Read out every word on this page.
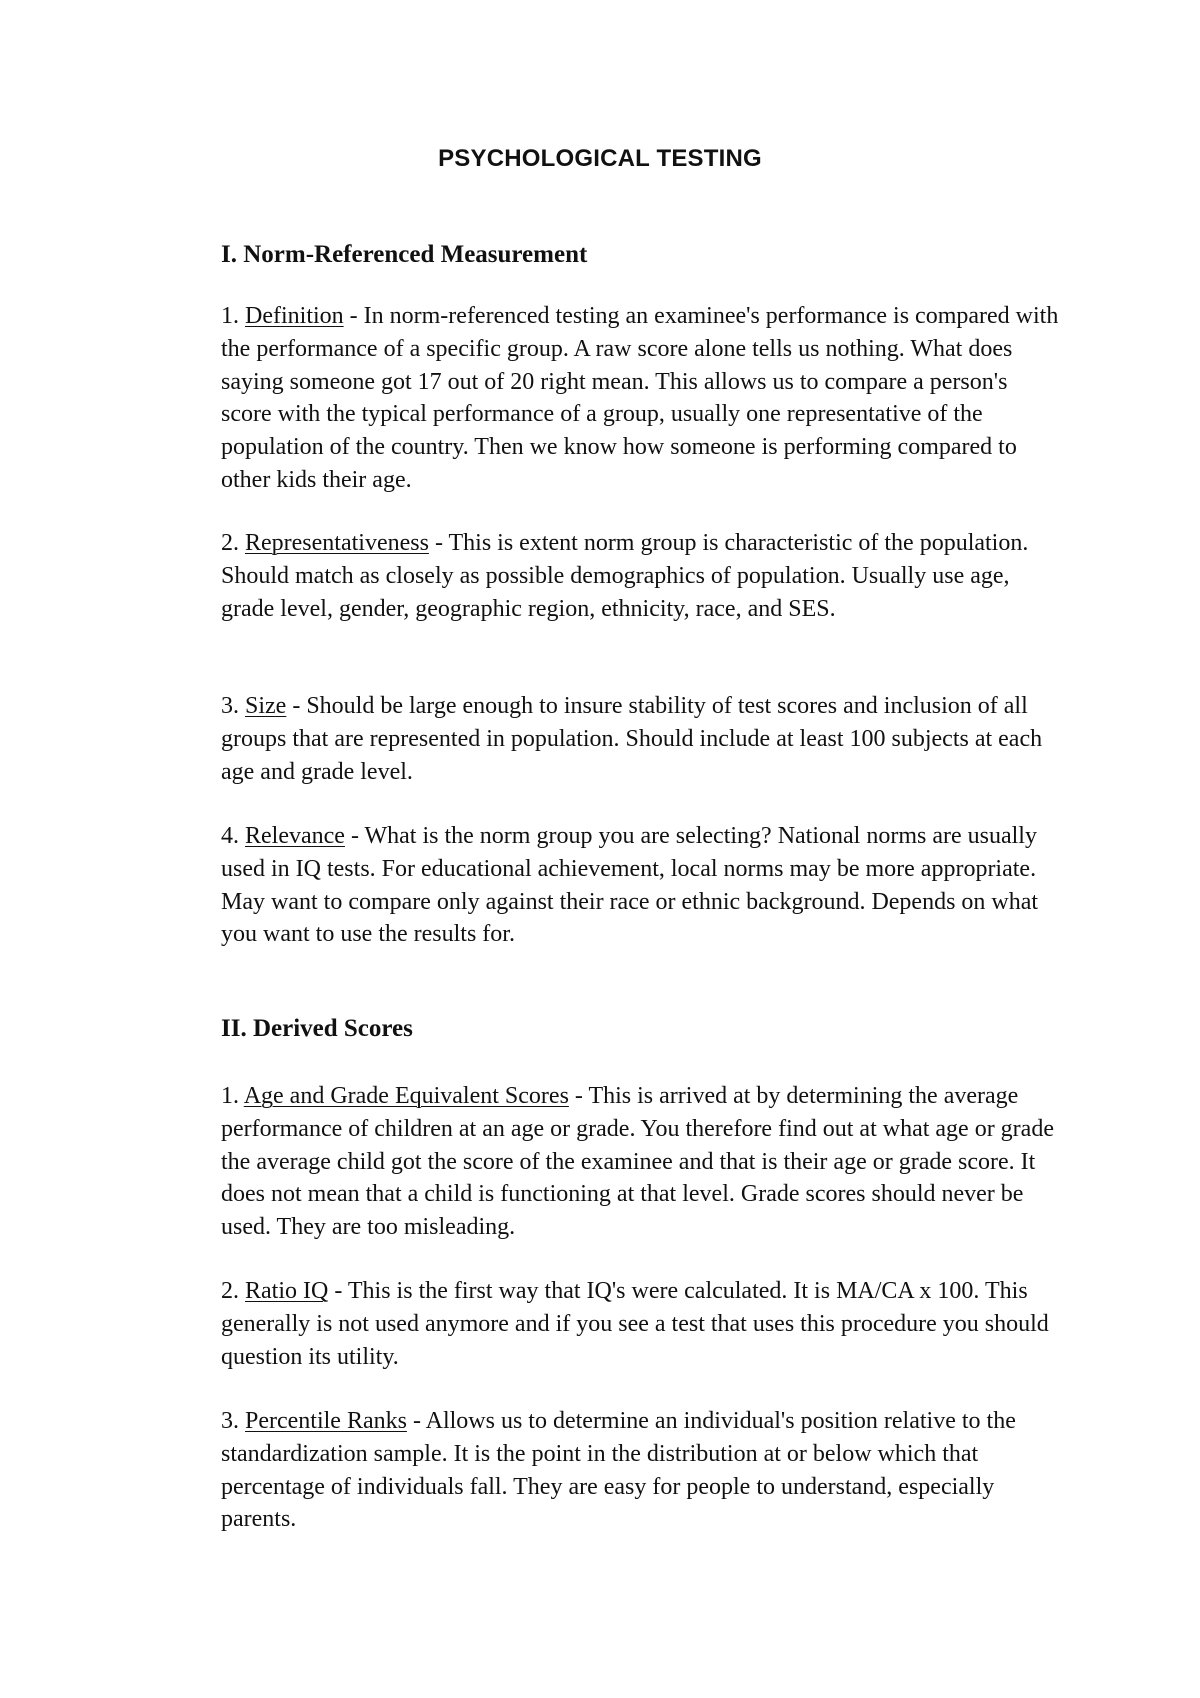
PSYCHOLOGICAL TESTING
I. Norm-Referenced Measurement

1. Definition - In norm-referenced testing an examinee's performance is compared with the performance of a specific group. A raw score alone tells us nothing. What does saying someone got 17 out of 20 right mean. This allows us to compare a person's score with the typical performance of a group, usually one representative of the population of the country. Then we know how someone is performing compared to other kids their age.

2. Representativeness - This is extent norm group is characteristic of the population. Should match as closely as possible demographics of population. Usually use age, grade level, gender, geographic region, ethnicity, race, and SES.

3. Size - Should be large enough to insure stability of test scores and inclusion of all groups that are represented in population. Should include at least 100 subjects at each age and grade level.

4. Relevance - What is the norm group you are selecting? National norms are usually used in IQ tests. For educational achievement, local norms may be more appropriate. May want to compare only against their race or ethnic background. Depends on what you want to use the results for.

II. Derived Scores

1. Age and Grade Equivalent Scores - This is arrived at by determining the average performance of children at an age or grade. You therefore find out at what age or grade the average child got the score of the examinee and that is their age or grade score. It does not mean that a child is functioning at that level. Grade scores should never be used. They are too misleading.

2. Ratio IQ - This is the first way that IQ's were calculated. It is MA/CA x 100. This generally is not used anymore and if you see a test that uses this procedure you should question its utility.

3. Percentile Ranks - Allows us to determine an individual's position relative to the standardization sample. It is the point in the distribution at or below which that percentage of individuals fall. They are easy for people to understand, especially parents.
